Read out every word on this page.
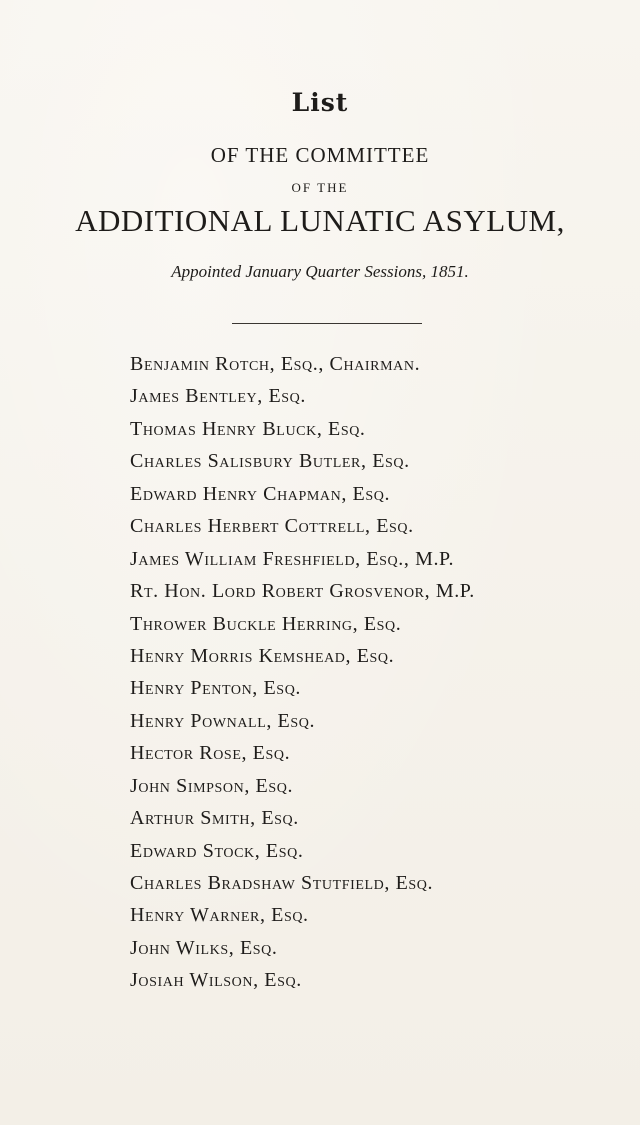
List
OF THE COMMITTEE
OF THE
ADDITIONAL LUNATIC ASYLUM,
Appointed January Quarter Sessions, 1851.
Benjamin Rotch, Esq., Chairman.
James Bentley, Esq.
Thomas Henry Bluck, Esq.
Charles Salisbury Butler, Esq.
Edward Henry Chapman, Esq.
Charles Herbert Cottrell, Esq.
James William Freshfield, Esq., M.P.
Rt. Hon. Lord Robert Grosvenor, M.P.
Thrower Buckle Herring, Esq.
Henry Morris Kemshead, Esq.
Henry Penton, Esq.
Henry Pownall, Esq.
Hector Rose, Esq.
John Simpson, Esq.
Arthur Smith, Esq.
Edward Stock, Esq.
Charles Bradshaw Stutfield, Esq.
Henry Warner, Esq.
John Wilks, Esq.
Josiah Wilson, Esq.
